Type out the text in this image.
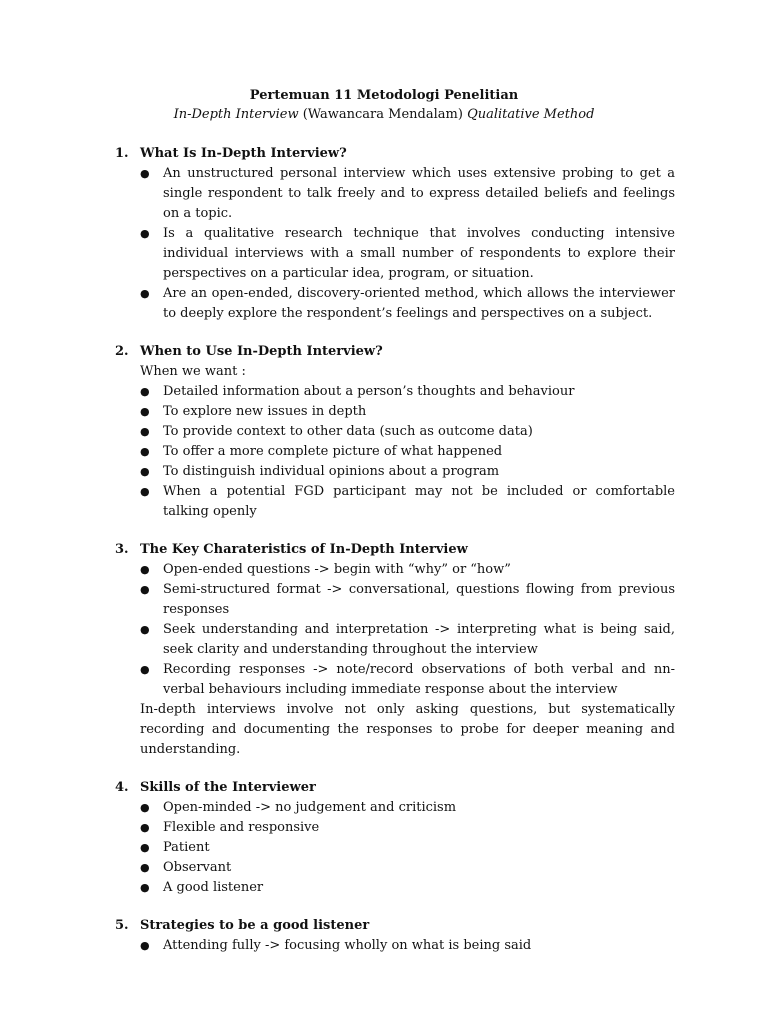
Pertemuan 11 Metodologi Penelitian
In-Depth Interview (Wawancara Mendalam) Qualitative Method
1. What Is In-Depth Interview?
● An unstructured personal interview which uses extensive probing to get a single respondent to talk freely and to express detailed beliefs and feelings on a topic.
● Is a qualitative research technique that involves conducting intensive individual interviews with a small number of respondents to explore their perspectives on a particular idea, program, or situation.
● Are an open-ended, discovery-oriented method, which allows the interviewer to deeply explore the respondent’s feelings and perspectives on a subject.
2. When to Use In-Depth Interview?
When we want :
● Detailed information about a person’s thoughts and behaviour
● To explore new issues in depth
● To provide context to other data (such as outcome data)
● To offer a more complete picture of what happened
● To distinguish individual opinions about a program
● When a potential FGD participant may not be included or comfortable talking openly
3. The Key Charateristics of In-Depth Interview
● Open-ended questions -> begin with “why” or “how”
● Semi-structured format -> conversational, questions flowing from previous responses
● Seek understanding and interpretation -> interpreting what is being said, seek clarity and understanding throughout the interview
● Recording responses -> note/record observations of both verbal and nn-verbal behaviours including immediate response about the interview
In-depth interviews involve not only asking questions, but systematically recording and documenting the responses to probe for deeper meaning and understanding.
4. Skills of the Interviewer
● Open-minded -> no judgement and criticism
● Flexible and responsive
● Patient
● Observant
● A good listener
5. Strategies to be a good listener
● Attending fully -> focusing wholly on what is being said
